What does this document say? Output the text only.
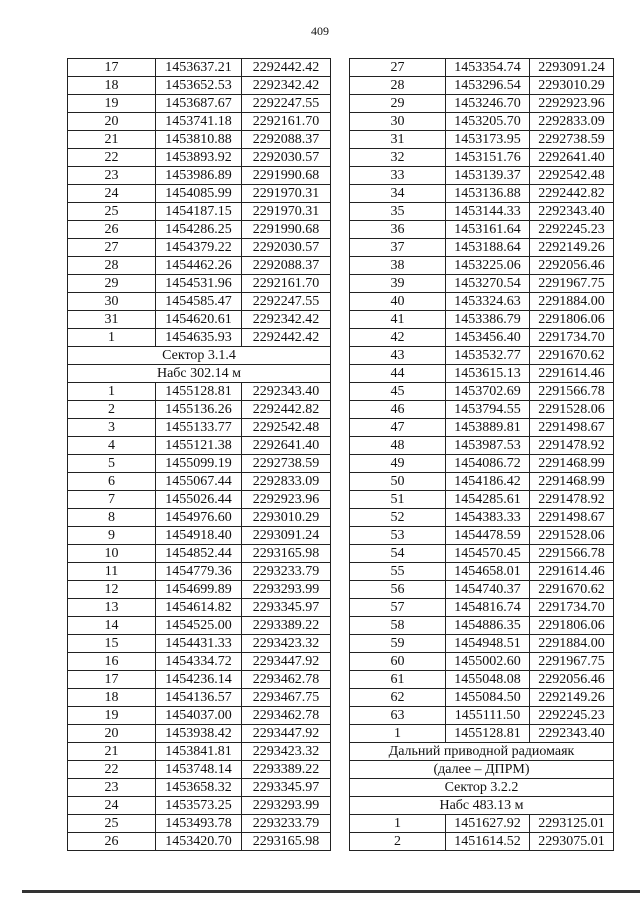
409
17	1453637.21	2292442.42
18	1453652.53	2292342.42
19	1453687.67	2292247.55
20	1453741.18	2292161.70
21	1453810.88	2292088.37
22	1453893.92	2292030.57
23	1453986.89	2291990.68
24	1454085.99	2291970.31
25	1454187.15	2291970.31
26	1454286.25	2291990.68
27	1454379.22	2292030.57
28	1454462.26	2292088.37
29	1454531.96	2292161.70
30	1454585.47	2292247.55
31	1454620.61	2292342.42
1	1454635.93	2292442.42
Сектор 3.1.4		
Набс 302.14 м		
1	1455128.81	2292343.40
2	1455136.26	2292442.82
3	1455133.77	2292542.48
4	1455121.38	2292641.40
5	1455099.19	2292738.59
6	1455067.44	2292833.09
7	1455026.44	2292923.96
8	1454976.60	2293010.29
9	1454918.40	2293091.24
10	1454852.44	2293165.98
11	1454779.36	2293233.79
12	1454699.89	2293293.99
13	1454614.82	2293345.97
14	1454525.00	2293389.22
15	1454431.33	2293423.32
16	1454334.72	2293447.92
17	1454236.14	2293462.78
18	1454136.57	2293467.75
19	1454037.00	2293462.78
20	1453938.42	2293447.92
21	1453841.81	2293423.32
22	1453748.14	2293389.22
23	1453658.32	2293345.97
24	1453573.25	2293293.99
25	1453493.78	2293233.79
26	1453420.70	2293165.98
27	1453354.74	2293091.24
28	1453296.54	2293010.29
29	1453246.70	2292923.96
30	1453205.70	2292833.09
31	1453173.95	2292738.59
32	1453151.76	2292641.40
33	1453139.37	2292542.48
34	1453136.88	2292442.82
35	1453144.33	2292343.40
36	1453161.64	2292245.23
37	1453188.64	2292149.26
38	1453225.06	2292056.46
39	1453270.54	2291967.75
40	1453324.63	2291884.00
41	1453386.79	2291806.06
42	1453456.40	2291734.70
43	1453532.77	2291670.62
44	1453615.13	2291614.46
45	1453702.69	2291566.78
46	1453794.55	2291528.06
47	1453889.81	2291498.67
48	1453987.53	2291478.92
49	1454086.72	2291468.99
50	1454186.42	2291468.99
51	1454285.61	2291478.92
52	1454383.33	2291498.67
53	1454478.59	2291528.06
54	1454570.45	2291566.78
55	1454658.01	2291614.46
56	1454740.37	2291670.62
57	1454816.74	2291734.70
58	1454886.35	2291806.06
59	1454948.51	2291884.00
60	1455002.60	2291967.75
61	1455048.08	2292056.46
62	1455084.50	2292149.26
63	1455111.50	2292245.23
1	1455128.81	2292343.40
Дальний приводной радиомаяк		
(далее – ДПРМ)		
Сектор 3.2.2		
Набс 483.13 м		
1	1451627.92	2293125.01
2	1451614.52	2293075.01
